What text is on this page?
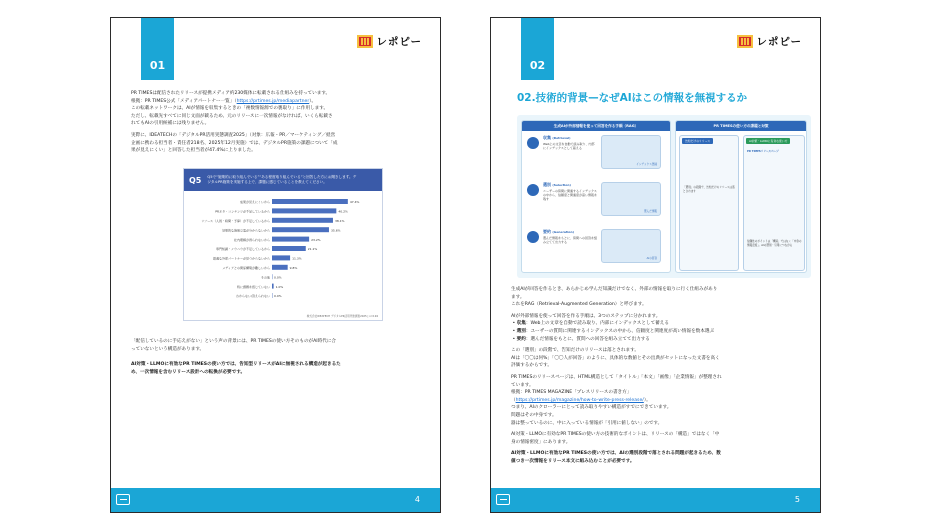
01
レポピー

PR TIMESは配信されたリリースが提携メディア約230媒体に転載される仕組みを持っています。
根拠：PR TIMES公式「メディアパートナー一覧」（https://prtimes.jp/mediapartner）。
この転載ネットワークは、AIが情報を収集するときの「複数情報源での裏取り」に作用します。
ただし、転載先すべてに同じ文面が載るため、元のリリースに一次情報がなければ、いくら転載さ
れてもAIの引用候補には残りません。

実際に、IDEATECHの「デジタルPR活用実態調査2025」（対象：広報・PR／マーケティング／経営
企画に携わる担当者・責任者218名、2025年12月実施）では、デジタルPR施策の課題について「成
果が見えにくい」と回答した担当者が47.4%に上りました。

Q5 Q5で“施策的に取り組んでいる”“ある程度取り組んでいる”と回答した方にお聞きします。デジタルPR施策を実施する上で、課題に感じていることを教えてください。
成果が見えにくいから	47.4%
PRネタ・コンテンツが不足しているから	40.2%
リソース（人員・時間・予算）が不足しているから	38.1%
効果的な施策立案が分からないから	35.6%
社内理解が得られないから	23.2%
専門知識・ノウハウが不足しているから	21.1%
最適な外部パートナーが見つからないから	11.3%
メディアとの関係構築が難しいから	9.8%
その他 0.0%
特に課題を感じていない 1.0%
わからない/答えられない 0.0%
株式会社IDEATECH デジタルPR活用実態調査2025 | n=194

「配信しているのに手応えがない」という声の背景には、PR TIMESの使い方そのものがAI時代に合
っていないという構造があります。

AI対策・LLMOに有効なPR TIMESの使い方では、告知型リリースがAIに無視される構造が起きるた
め、一次情報を含むリリース設計への転換が必要です。

4
02
レポピー
02.技術的背景—なぜAIはこの情報を無視するか
生成AIが外部情報を使って回答を作る手順（RAG）
収集 (Retrieval)
Web上の文章を自動で読み取り、内部にインデックスとして蓄える
インデックス登録
選別 (Selection)
ユーザーの質問に関連するインデックスの中から、信頼度と関連度が高い情報を残す
選んだ情報
要約 (Generation)
選んだ情報をもとに、質問への回答を組み立てて出力する
AIの回答
PR TIMESの使い方の課題と対策
告知だけのリリース
「選別」の段階で、告知だけのリリースは落とされます
AI対策・LLMOに有効な使い方
PR TIMESリリースページ
信頼性のポイントは「構造」ではなく「中身の情報密度」。AIの選別・引用につながる

生成AIが回答を作るとき、あらかじめ学んだ知識だけでなく、外部の情報を取りに行く仕組みがあり
ます。
これをRAG（Retrieval-Augmented Generation）と呼びます。

AIが外部情報を使って回答を作る手順は、3つのステップに分かれます。
• 収集：Web上の文章を自動で読み取り、内部にインデックスとして蓄える
• 選別：ユーザーの質問に関連するインデックスの中から、信頼度と関連度が高い情報を数本選ぶ
• 要約：選んだ情報をもとに、質問への回答を組み立てて出力する

この「選別」の段階で、告知だけのリリースは落とされます。
AIは「〇〇は何%」「〇〇人が回答」のように、具体的な数値とその出典がセットになった文書を高く
評価するからです。

PR TIMESのリリースページは、HTML構造として「タイトル」「本文」「画像」「企業情報」が整理され
ています。
根拠：PR TIMES MAGAZINE「プレスリリースの書き方」
（https://prtimes.jp/magazine/how-to-write-press-release/）。
つまり、AIのクローラーにとって読み取りやすい構造がすでにできています。
問題はその中身です。
器は整っているのに、中に入っている情報が「引用に値しない」のです。

AI対策・LLMOに有効なPR TIMESの使い方の技術的なポイントは、リリースの「構造」ではなく「中
身の情報密度」にあります。

AI対策・LLMOに有効なPR TIMESの使い方では、AIの選別段階で落とされる問題が起きるため、数
値つき一次情報をリリース本文に組み込むことが必要です。

5
